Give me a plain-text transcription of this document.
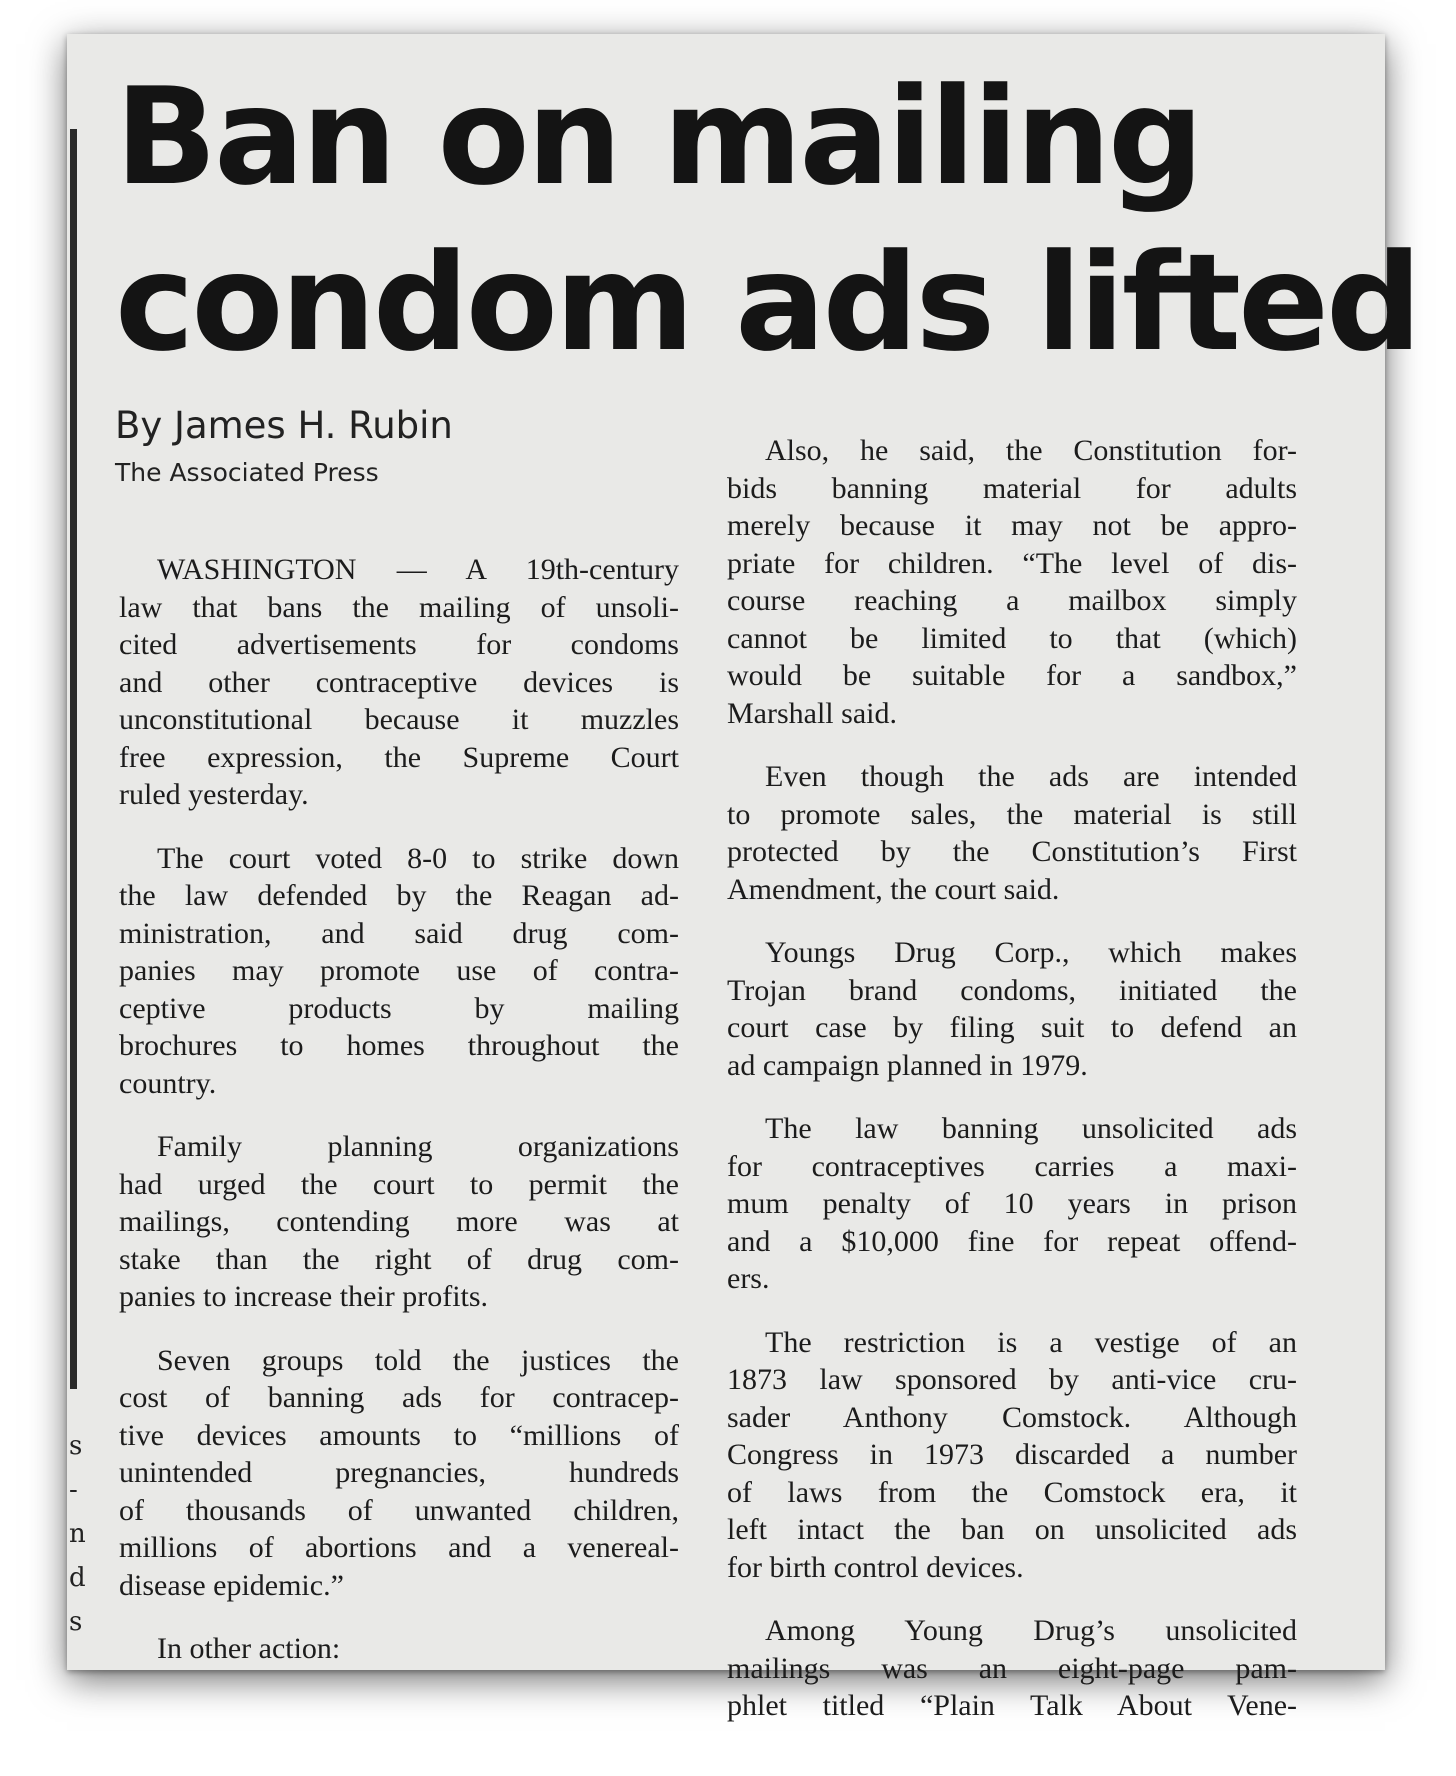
s
-
n
d
s
Ban on mailing
condom ads lifted
By James H. Rubin
The Associated Press

WASHINGTON — A 19th-century
law that bans the mailing of unsoli-
cited advertisements for condoms
and other contraceptive devices is
unconstitutional because it muzzles
free expression, the Supreme Court
ruled yesterday.

The court voted 8-0 to strike down
the law defended by the Reagan ad-
ministration, and said drug com-
panies may promote use of contra-
ceptive products by mailing
brochures to homes throughout the
country.

Family planning organizations
had urged the court to permit the
mailings, contending more was at
stake than the right of drug com-
panies to increase their profits.

Seven groups told the justices the
cost of banning ads for contracep-
tive devices amounts to “millions of
unintended pregnancies, hundreds
of thousands of unwanted children,
millions of abortions and a venereal-
disease epidemic.”

In other action:

Also, he said, the Constitution for-
bids banning material for adults
merely because it may not be appro-
priate for children. “The level of dis-
course reaching a mailbox simply
cannot be limited to that (which)
would be suitable for a sandbox,”
Marshall said.

Even though the ads are intended
to promote sales, the material is still
protected by the Constitution’s First
Amendment, the court said.

Youngs Drug Corp., which makes
Trojan brand condoms, initiated the
court case by filing suit to defend an
ad campaign planned in 1979.

The law banning unsolicited ads
for contraceptives carries a maxi-
mum penalty of 10 years in prison
and a $10,000 fine for repeat offend-
ers.

The restriction is a vestige of an
1873 law sponsored by anti-vice cru-
sader Anthony Comstock. Although
Congress in 1973 discarded a number
of laws from the Comstock era, it
left intact the ban on unsolicited ads
for birth control devices.

Among Young Drug’s unsolicited
mailings was an eight-page pam-
phlet titled “Plain Talk About Vene-
